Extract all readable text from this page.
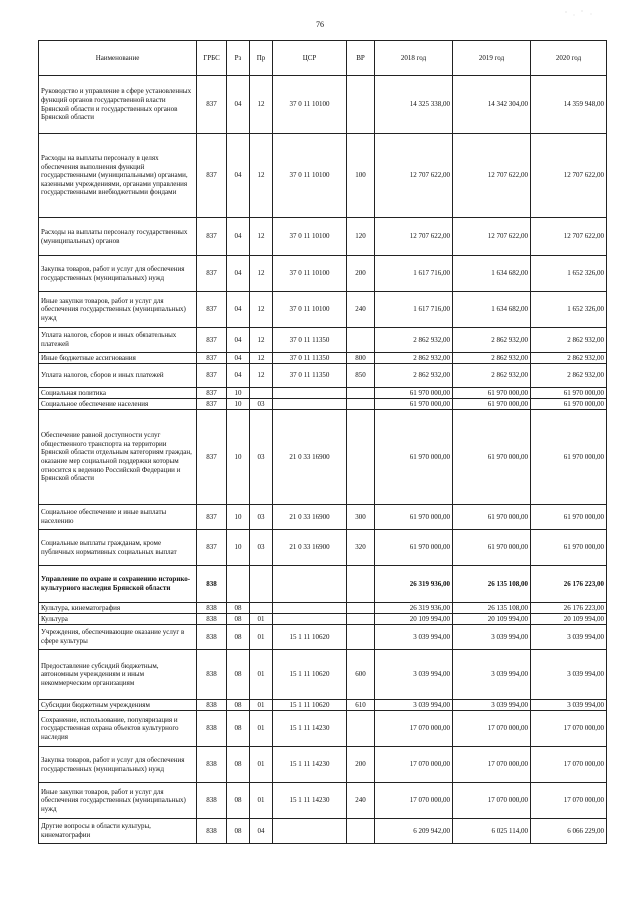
76
Наименование	ГРБС	Рз	Пр	ЦСР	ВР	2018 год	2019 год	2020 год
Руководство и управление в сфере установленных функций органов государственной власти Брянской области и государственных органов Брянской области	837	04	12	37 0 11 10100		14 325 338,00	14 342 304,00	14 359 948,00
Расходы на выплаты персоналу в целях обеспечения выполнения функций государственными (муниципальными) органами, казенными учреждениями, органами управления государственными внебюджетными фондами	837	04	12	37 0 11 10100	100	12 707 622,00	12 707 622,00	12 707 622,00
Расходы на выплаты персоналу государственных (муниципальных) органов	837	04	12	37 0 11 10100	120	12 707 622,00	12 707 622,00	12 707 622,00
Закупка товаров, работ и услуг для обеспечения государственных (муниципальных) нужд	837	04	12	37 0 11 10100	200	1 617 716,00	1 634 682,00	1 652 326,00
Иные закупки товаров, работ и услуг для обеспечения государственных (муниципальных) нужд	837	04	12	37 0 11 10100	240	1 617 716,00	1 634 682,00	1 652 326,00
Уплата налогов, сборов и иных обязательных платежей	837	04	12	37 0 11 11350		2 862 932,00	2 862 932,00	2 862 932,00
Иные бюджетные ассигнования	837	04	12	37 0 11 11350	800	2 862 932,00	2 862 932,00	2 862 932,00
Уплата налогов, сборов и иных платежей	837	04	12	37 0 11 11350	850	2 862 932,00	2 862 932,00	2 862 932,00
Социальная политика	837	10				61 970 000,00	61 970 000,00	61 970 000,00
Социальное обеспечение населения	837	10	03			61 970 000,00	61 970 000,00	61 970 000,00
Обеспечение равной доступности услуг общественного транспорта на территории Брянской области отдельным категориям граждан, оказание мер социальной поддержки которым относится к ведению Российской Федерации и Брянской области	837	10	03	21 0 33 16900		61 970 000,00	61 970 000,00	61 970 000,00
Социальное обеспечение и иные выплаты населению	837	10	03	21 0 33 16900	300	61 970 000,00	61 970 000,00	61 970 000,00
Социальные выплаты гражданам, кроме публичных нормативных социальных выплат	837	10	03	21 0 33 16900	320	61 970 000,00	61 970 000,00	61 970 000,00
Управление по охране и сохранению историко-культурного наследия Брянской области	838					26 319 936,00	26 135 108,00	26 176 223,00
Культура, кинематография	838	08				26 319 936,00	26 135 108,00	26 176 223,00
Культура	838	08	01			20 109 994,00	20 109 994,00	20 109 994,00
Учреждения, обеспечивающие оказание услуг в сфере культуры	838	08	01	15 1 11 10620		3 039 994,00	3 039 994,00	3 039 994,00
Предоставление субсидий бюджетным, автономным учреждениям и иным некоммерческим организациям	838	08	01	15 1 11 10620	600	3 039 994,00	3 039 994,00	3 039 994,00
Субсидии бюджетным учреждениям	838	08	01	15 1 11 10620	610	3 039 994,00	3 039 994,00	3 039 994,00
Сохранение, использование, популяризация и государственная охрана объектов культурного наследия	838	08	01	15 1 11 14230		17 070 000,00	17 070 000,00	17 070 000,00
Закупка товаров, работ и услуг для обеспечения государственных (муниципальных) нужд	838	08	01	15 1 11 14230	200	17 070 000,00	17 070 000,00	17 070 000,00
Иные закупки товаров, работ и услуг для обеспечения государственных (муниципальных) нужд	838	08	01	15 1 11 14230	240	17 070 000,00	17 070 000,00	17 070 000,00
Другие вопросы в области культуры, кинематографии	838	08	04			6 209 942,00	6 025 114,00	6 066 229,00
